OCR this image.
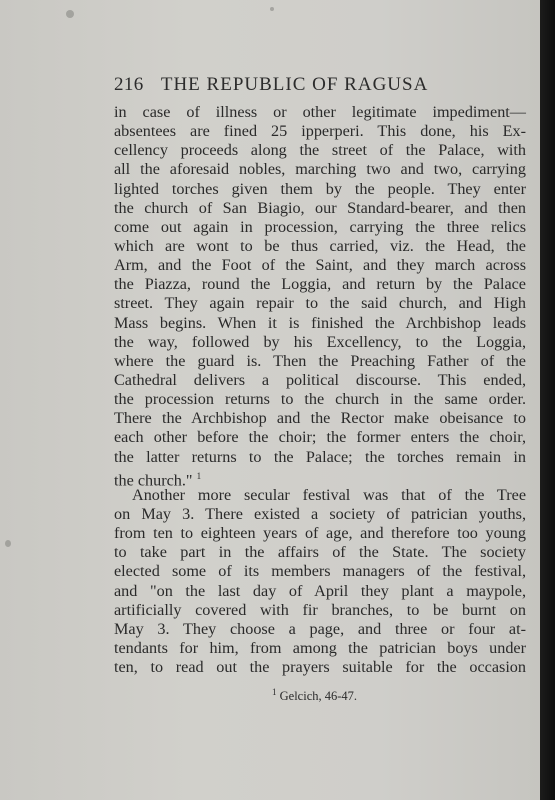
216 THE REPUBLIC OF RAGUSA
in case of illness or other legitimate impediment—
absentees are fined 25 ipperperi. This done, his Ex-
cellency proceeds along the street of the Palace, with
all the aforesaid nobles, marching two and two, carrying
lighted torches given them by the people. They enter
the church of San Biagio, our Standard-bearer, and then
come out again in procession, carrying the three relics
which are wont to be thus carried, viz. the Head, the
Arm, and the Foot of the Saint, and they march across
the Piazza, round the Loggia, and return by the Palace
street. They again repair to the said church, and High
Mass begins. When it is finished the Archbishop leads
the way, followed by his Excellency, to the Loggia,
where the guard is. Then the Preaching Father of the
Cathedral delivers a political discourse. This ended,
the procession returns to the church in the same order.
There the Archbishop and the Rector make obeisance to
each other before the choir; the former enters the choir,
the latter returns to the Palace; the torches remain in
the church." $^1$
Another more secular festival was that of the Tree
on May 3. There existed a society of patrician youths,
from ten to eighteen years of age, and therefore too young
to take part in the affairs of the State. The society
elected some of its members managers of the festival,
and "on the last day of April they plant a maypole,
artificially covered with fir branches, to be burnt on
May 3. They choose a page, and three or four at-
tendants for him, from among the patrician boys under
ten, to read out the prayers suitable for the occasion
$^1$ Gelcich, 46-47.
